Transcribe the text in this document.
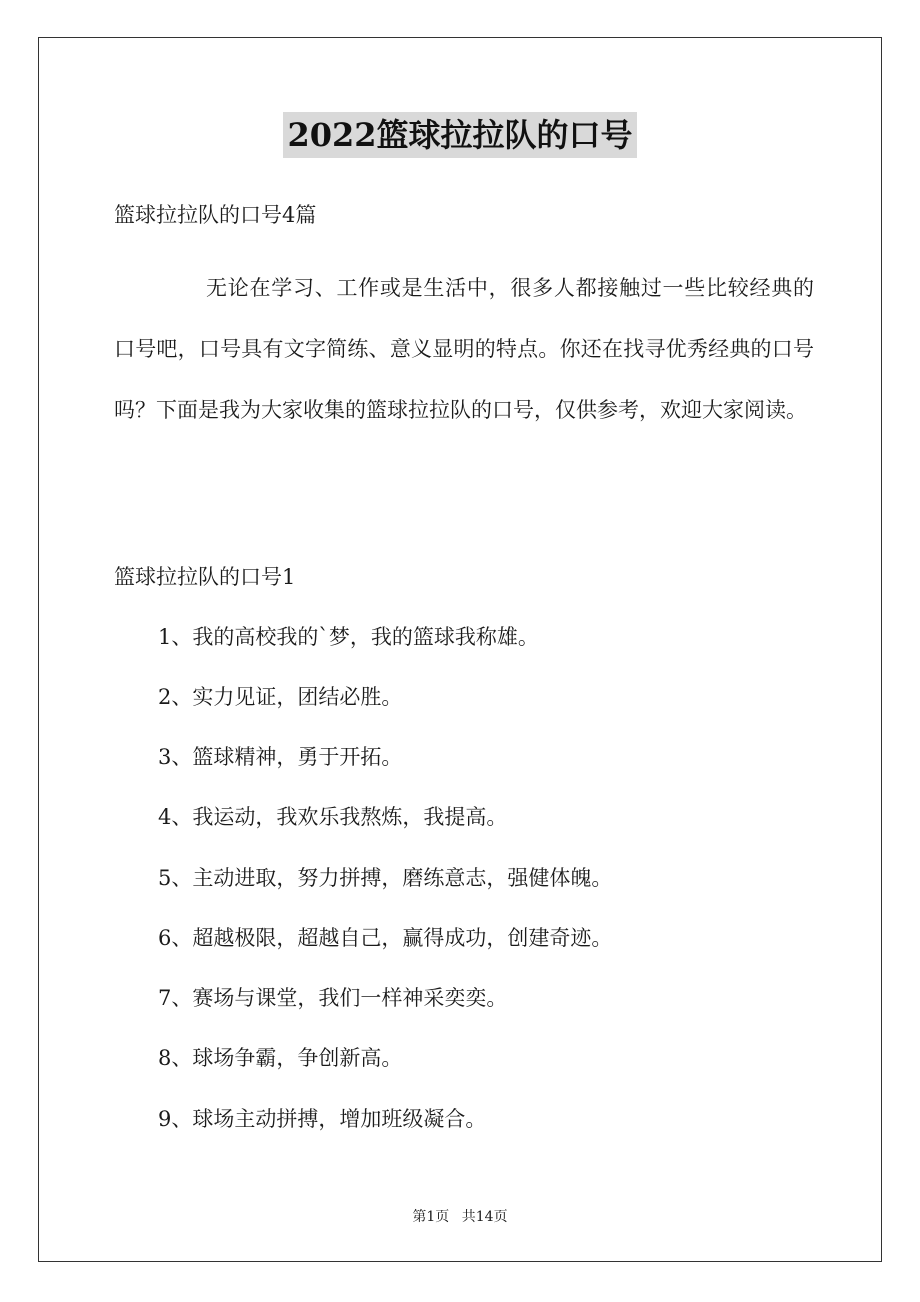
2022篮球拉拉队的口号
篮球拉拉队的口号4篇
无论在学习、工作或是生活中，很多人都接触过一些比较经典的口号吧，口号具有文字简练、意义显明的特点。你还在找寻优秀经典的口号吗？下面是我为大家收集的篮球拉拉队的口号，仅供参考，欢迎大家阅读。
篮球拉拉队的口号1
1、我的高校我的`梦，我的篮球我称雄。
2、实力见证，团结必胜。
3、篮球精神，勇于开拓。
4、我运动，我欢乐我熬炼，我提高。
5、主动进取，努力拼搏，磨练意志，强健体魄。
6、超越极限，超越自己，赢得成功，创建奇迹。
7、赛场与课堂，我们一样神采奕奕。
8、球场争霸，争创新高。
9、球场主动拼搏，增加班级凝合。
第1页 共14页
